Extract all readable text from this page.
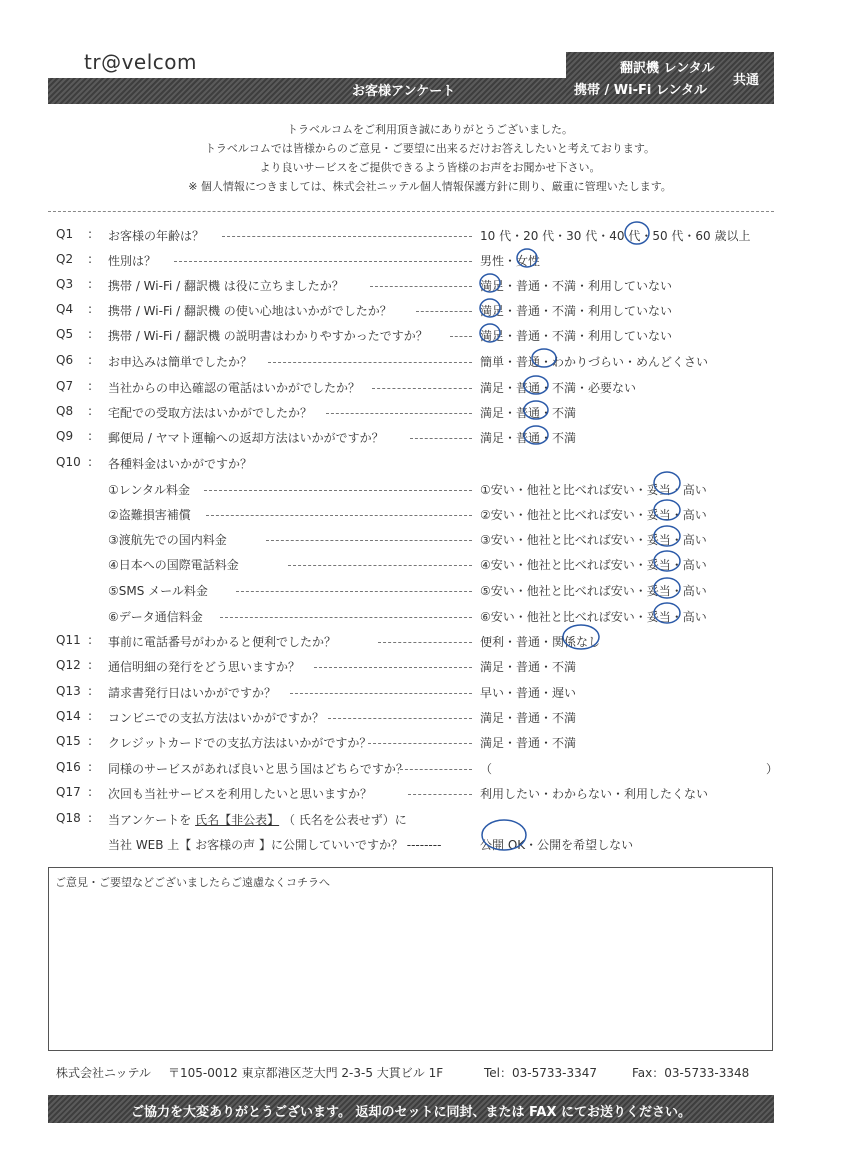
tr@velcom
お客様アンケート
翻訳機 レンタル
携帯 / Wi-Fi レンタル
共通
トラベルコムをご利用頂き誠にありがとうございました。
トラベルコムでは皆様からのご意見・ご要望に出来るだけお答えしたいと考えております。
より良いサービスをご提供できるよう皆様のお声をお聞かせ下さい。
※ 個人情報につきましては、株式会社ニッテル個人情報保護方針に則り、厳重に管理いたします。
Q1 : お客様の年齢は？	10 代・20 代・30 代・40 代・50 代・60 歳以上
Q2 : 性別は？	男性・女性
Q3 : 携帯 / Wi-Fi / 翻訳機 は役に立ちましたか？	満足・普通・不満・利用していない
Q4 : 携帯 / Wi-Fi / 翻訳機 の使い心地はいかがでしたか？	満足・普通・不満・利用していない
Q5 : 携帯 / Wi-Fi / 翻訳機 の説明書はわかりやすかったですか？	満足・普通・不満・利用していない
Q6 : お申込みは簡単でしたか？	簡単・普通・わかりづらい・めんどくさい
Q7 : 当社からの申込確認の電話はいかがでしたか？	満足・普通・不満・必要ない
Q8 : 宅配での受取方法はいかがでしたか？	満足・普通・不満
Q9 : 郵便局 / ヤマト運輸への返却方法はいかがですか？	満足・普通・不満
Q10 : 各種料金はいかがですか？
①レンタル料金	①安い・他社と比べれば安い・妥当・高い
②盗難損害補償	②安い・他社と比べれば安い・妥当・高い
③渡航先での国内料金	③安い・他社と比べれば安い・妥当・高い
④日本への国際電話料金	④安い・他社と比べれば安い・妥当・高い
⑤SMS メール料金	⑤安い・他社と比べれば安い・妥当・高い
⑥データ通信料金	⑥安い・他社と比べれば安い・妥当・高い
Q11 : 事前に電話番号がわかると便利でしたか？	便利・普通・関係なし
Q12 : 通信明細の発行をどう思いますか？	満足・普通・不満
Q13 : 請求書発行日はいかがですか？	早い・普通・遅い
Q14 : コンビニでの支払方法はいかがですか？	満足・普通・不満
Q15 : クレジットカードでの支払方法はいかがですか？	満足・普通・不満
Q16 : 同様のサービスがあれば良いと思う国はどちらですか？	（	）
Q17 : 次回も当社サービスを利用したいと思いますか？	利用したい・わからない・利用したくない
Q18 : 当アンケートを 氏名【非公表】 （ 氏名を公表せず）に
当社 WEB 上【 お客様の声 】に公開していいですか？ --------	公開 OK・公開を希望しない
ご意見・ご要望などございましたらご遠慮なくコチラへ
株式会社ニッテル 〒105-0012 東京都港区芝大門 2-3-5 大貫ビル 1F	Tel：03-5733-3347	Fax：03-5733-3348
ご協力を大変ありがとうございます。 返却のセットに同封、または FAX にてお送りください。
